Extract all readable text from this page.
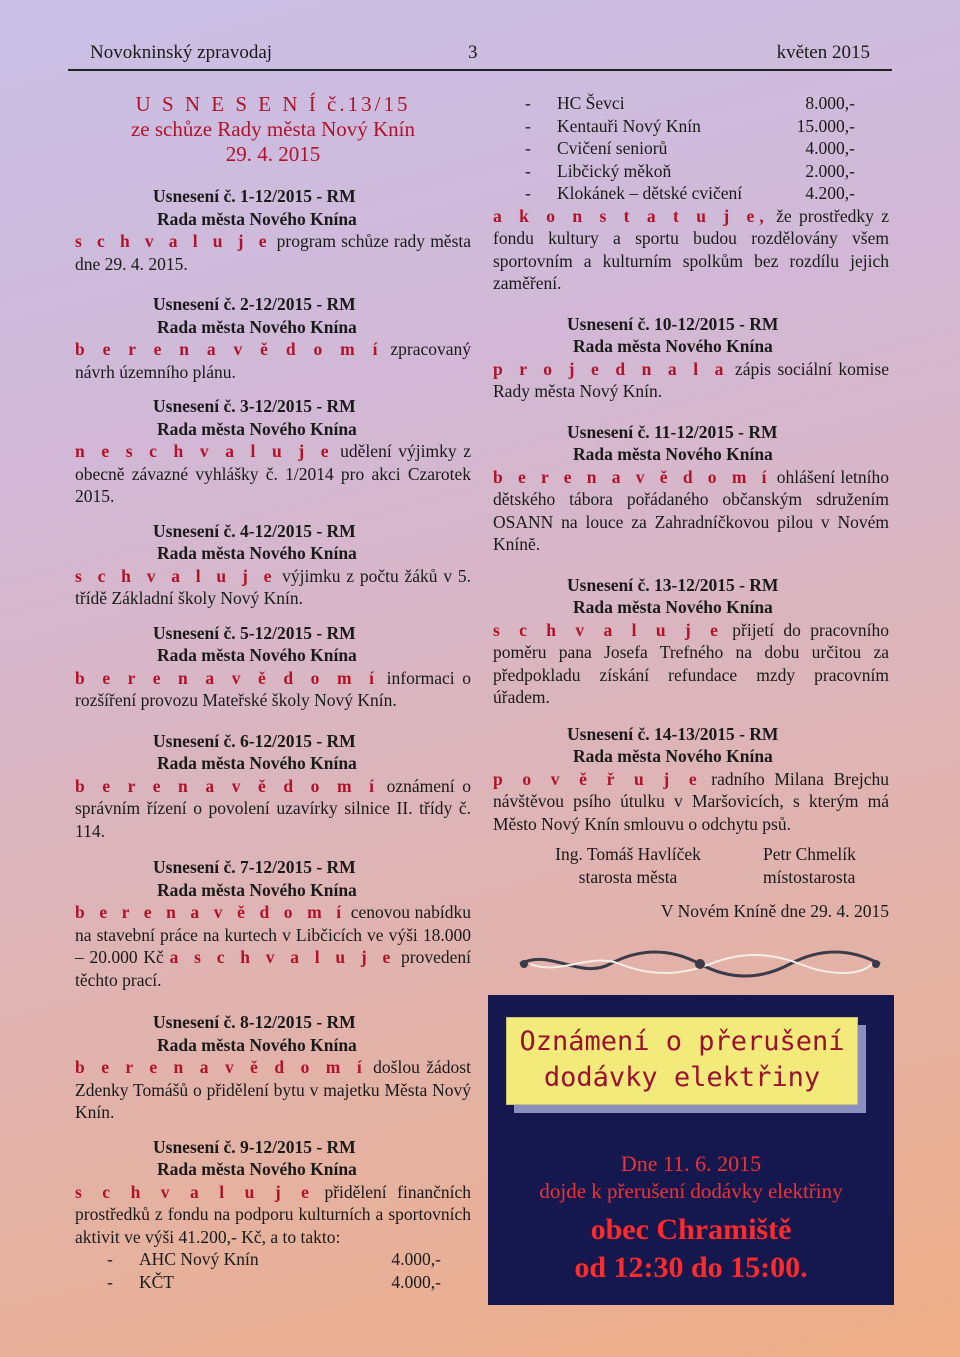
Novokninský zpravodaj	3	květen 2015
U S N E S E N Í č.13/15
ze schůze Rady města Nový Knín
29. 4. 2015
Usnesení č. 1-12/2015 - RM
Rada města Nového Knína
s c h v a l u j e program schůze rady města dne 29. 4. 2015.
Usnesení č. 2-12/2015 - RM
Rada města Nového Knína
b e r e n a v ě d o m í zpracovaný návrh územního plánu.
Usnesení č. 3-12/2015 - RM
Rada města Nového Knína
n e s c h v a l u j e udělení výjimky z obecně závazné vyhlášky č. 1/2014 pro akci Czarotek 2015.
Usnesení č. 4-12/2015 - RM
Rada města Nového Knína
s c h v a l u j e výjimku z počtu žáků v 5. třídě Základní školy Nový Knín.
Usnesení č. 5-12/2015 - RM
Rada města Nového Knína
b e r e n a v ě d o m í informaci o rozšíření provozu Mateřské školy Nový Knín.
Usnesení č. 6-12/2015 - RM
Rada města Nového Knína
b e r e n a v ě d o m í oznámení o správním řízení o povolení uzavírky silnice II. třídy č. 114.
Usnesení č. 7-12/2015 - RM
Rada města Nového Knína
b e r e n a v ě d o m í cenovou nabídku na stavební práce na kurtech v Libčicích ve výši 18.000 – 20.000 Kč a s c h v a l u j e provedení těchto prací.
Usnesení č. 8-12/2015 - RM
Rada města Nového Knína
b e r e n a v ě d o m í došlou žádost Zdenky Tomášů o přidělení bytu v majetku Města Nový Knín.
Usnesení č. 9-12/2015 - RM
Rada města Nového Knína
s c h v a l u j e přidělení finančních prostředků z fondu na podporu kulturních a sportovních aktivit ve výši 41.200,- Kč, a to takto:
-	AHC Nový Knín	4.000,-
-	KČT	4.000,-
-	HC Ševci	8.000,-
-	Kentauři Nový Knín	15.000,-
-	Cvičení seniorů	4.000,-
-	Libčický měkoň	2.000,-
-	Klokánek – dětské cvičení	4.200,-
a k o n s t a t u j e, že prostředky z fondu kultury a sportu budou rozdělovány všem sportovním a kulturním spolkům bez rozdílu jejich zaměření.
Usnesení č. 10-12/2015 - RM
Rada města Nového Knína
p r o j e d n a l a zápis sociální komise Rady města Nový Knín.
Usnesení č. 11-12/2015 - RM
Rada města Nového Knína
b e r e n a v ě d o m í ohlášení letního dětského tábora pořádaného občanským sdružením OSANN na louce za Zahradníčkovou pilou v Novém Knínĕ.
Usnesení č. 13-12/2015 - RM
Rada města Nového Knína
s c h v a l u j e přijetí do pracovního poměru pana Josefa Trefného na dobu určitou za předpokladu získání refundace mzdy pracovním úřadem.
Usnesení č. 14-13/2015 - RM
Rada města Nového Knína
p o v ě ř u j e radního Milana Brejchu návštěvou psího útulku v Maršovicích, s kterým má Město Nový Knín smlouvu o odchytu psů.
Ing. Tomáš Havlíček
starosta města
Petr Chmelík
místostarosta
V Novém Kníně dne 29. 4. 2015
Oznámení o přerušení
dodávky elektřiny
Dne 11. 6. 2015
dojde k přerušení dodávky elektřiny
obec Chramiště
od 12:30 do 15:00.
